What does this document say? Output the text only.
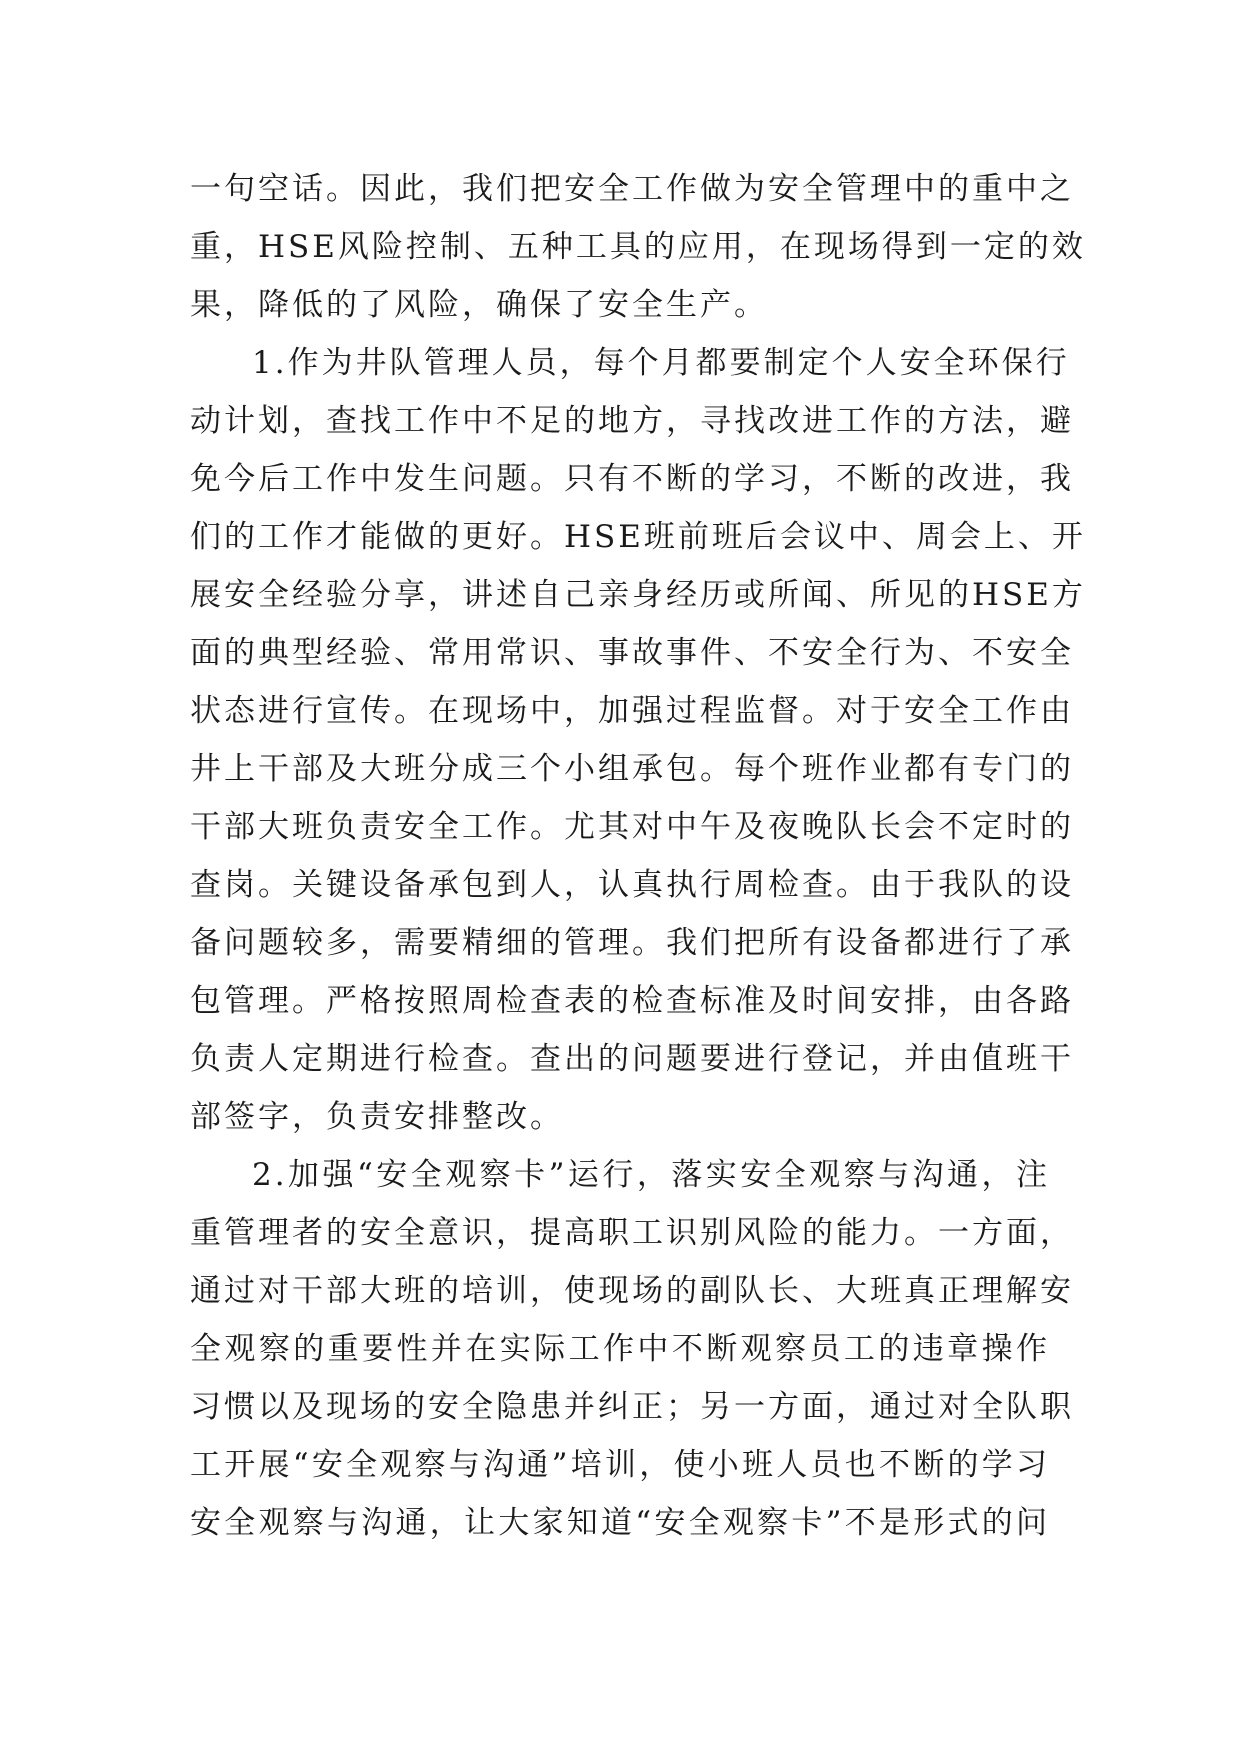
一句空话。因此，我们把安全工作做为安全管理中的重中之
重，HSE风险控制、五种工具的应用，在现场得到一定的效
果，降低的了风险，确保了安全生产。
1.作为井队管理人员，每个月都要制定个人安全环保行
动计划，查找工作中不足的地方，寻找改进工作的方法，避
免今后工作中发生问题。只有不断的学习，不断的改进，我
们的工作才能做的更好。HSE班前班后会议中、周会上、开
展安全经验分享，讲述自己亲身经历或所闻、所见的HSE方
面的典型经验、常用常识、事故事件、不安全行为、不安全
状态进行宣传。在现场中，加强过程监督。对于安全工作由
井上干部及大班分成三个小组承包。每个班作业都有专门的
干部大班负责安全工作。尤其对中午及夜晚队长会不定时的
查岗。关键设备承包到人，认真执行周检查。由于我队的设
备问题较多，需要精细的管理。我们把所有设备都进行了承
包管理。严格按照周检查表的检查标准及时间安排，由各路
负责人定期进行检查。查出的问题要进行登记，并由值班干
部签字，负责安排整改。
2.加强“安全观察卡”运行，落实安全观察与沟通，注
重管理者的安全意识，提高职工识别风险的能力。一方面，
通过对干部大班的培训，使现场的副队长、大班真正理解安
全观察的重要性并在实际工作中不断观察员工的违章操作
习惯以及现场的安全隐患并纠正；另一方面，通过对全队职
工开展“安全观察与沟通”培训，使小班人员也不断的学习
安全观察与沟通，让大家知道“安全观察卡”不是形式的问
